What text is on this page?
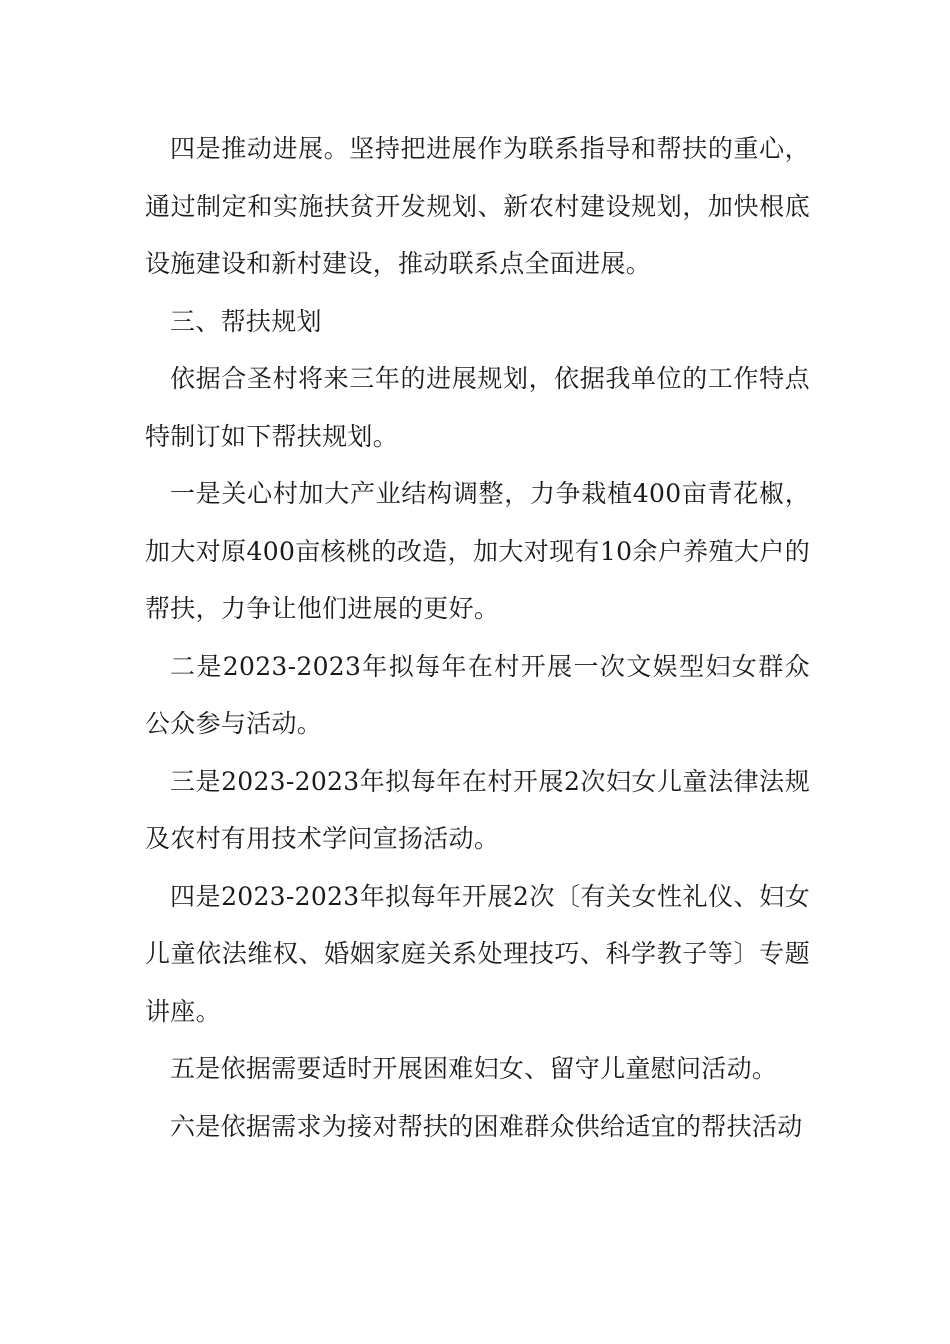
四是推动进展。坚持把进展作为联系指导和帮扶的重心，通过制定和实施扶贫开发规划、新农村建设规划，加快根底设施建设和新村建设，推动联系点全面进展。

三、帮扶规划

依据合圣村将来三年的进展规划，依据我单位的工作特点特制订如下帮扶规划。

一是关心村加大产业结构调整，力争栽植400亩青花椒，加大对原400亩核桃的改造，加大对现有10余户养殖大户的帮扶，力争让他们进展的更好。

二是2023-2023年拟每年在村开展一次文娱型妇女群众公众参与活动。

三是2023-2023年拟每年在村开展2次妇女儿童法律法规及农村有用技术学问宣扬活动。

四是2023-2023年拟每年开展2次〔有关女性礼仪、妇女儿童依法维权、婚姻家庭关系处理技巧、科学教子等〕专题讲座。

五是依据需要适时开展困难妇女、留守儿童慰问活动。

六是依据需求为接对帮扶的困难群众供给适宜的帮扶活动
